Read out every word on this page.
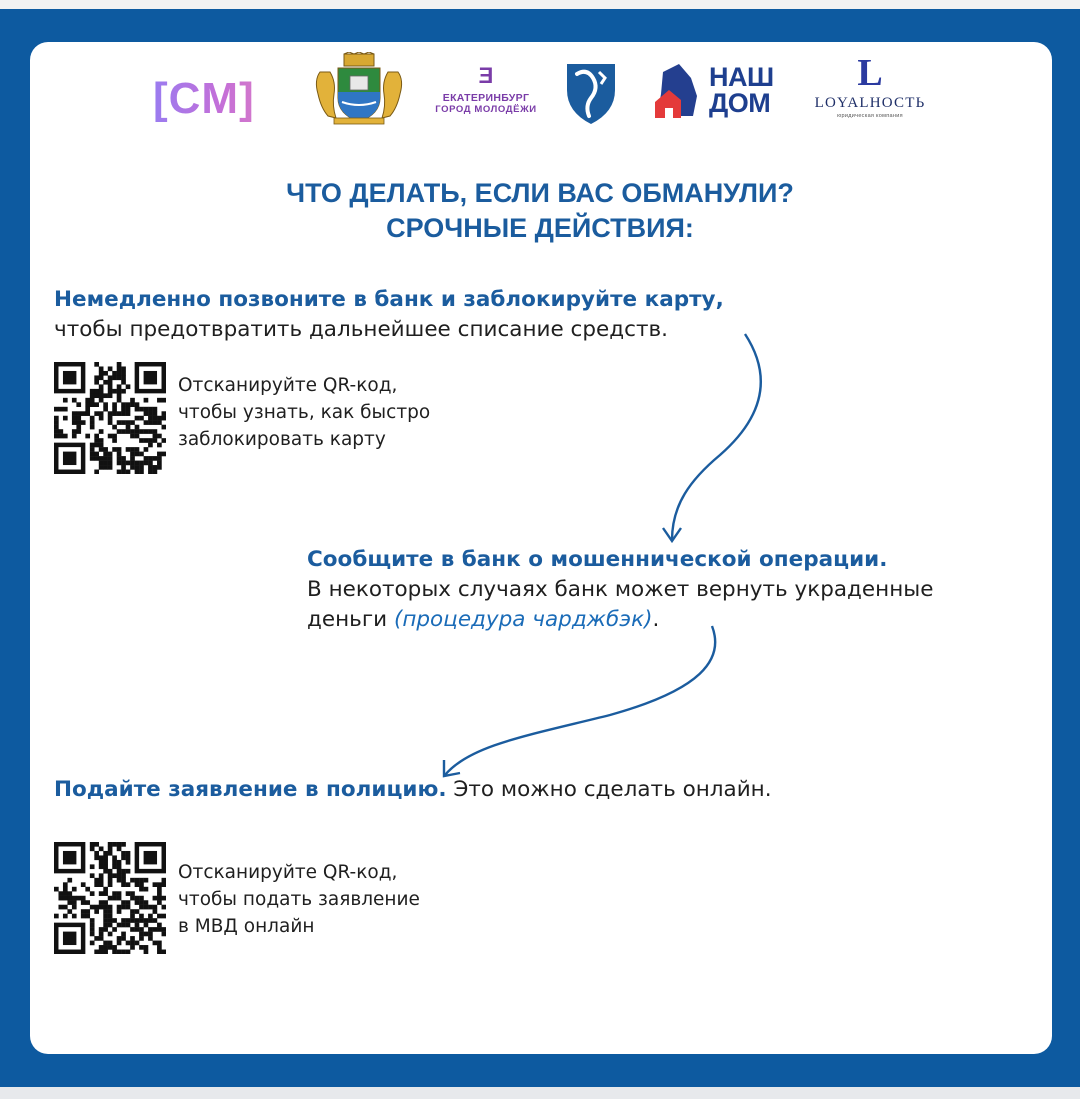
[CМ]	Ǝ
ЕКАТЕРИНБУРГ
ГОРОД МОЛОДЁЖИ
НАШ
ДОМ
L
LOYALНОСТЬ
юридическая компания
ЧТО ДЕЛАТЬ, ЕСЛИ ВАС ОБМАНУЛИ?
СРОЧНЫЕ ДЕЙСТВИЯ:
Немедленно позвоните в банк и заблокируйте карту,
чтобы предотвратить дальнейшее списание средств.
Отсканируйте QR-код,
чтобы узнать, как быстро
заблокировать карту
Сообщите в банк о мошеннической операции.
В некоторых случаях банк может вернуть украденные
деньги (процедура чарджбэк).
Подайте заявление в полицию. Это можно сделать онлайн.
Отсканируйте QR-код,
чтобы подать заявление
в МВД онлайн
